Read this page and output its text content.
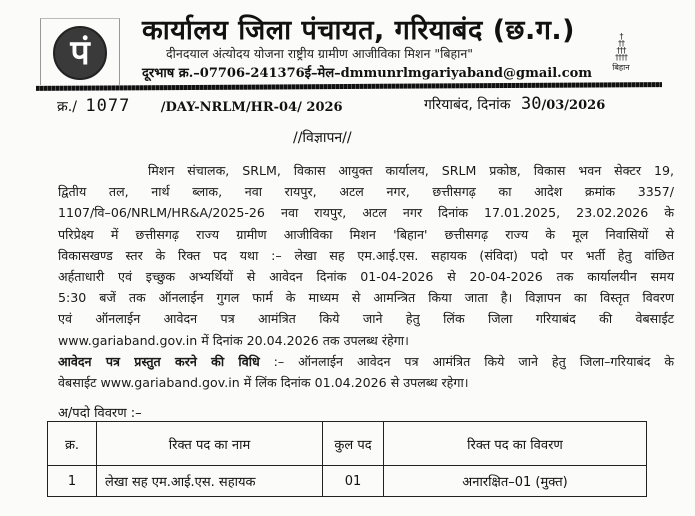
पं
कार्यालय जिला पंचायत, गरियाबंद (छ.ग.)
दीनदयाल अंत्योदय योजना राष्ट्रीय ग्रामीण आजीविका मिशन "बिहान"
दूरभाष क्र.–07706-241376ई–मेल–dmmunrlmgariyaband@gmail.com
†
††
†††
††††
बिहान
क्र./ 1077 /DAY-NRLM/HR-04/ 2026	गरियाबंद, दिनांक 30/03/2026
//विज्ञापन//
मिशन संचालक, SRLM, विकास आयुक्त कार्यालय, SRLM प्रकोष्ठ, विकास भवन सेक्टर 19,
द्वितीय तल, नार्थ ब्लाक, नवा रायपुर, अटल नगर, छत्तीसगढ़ का आदेश क्रमांक 3357/
1107/वि–06/NRLM/HR&A/2025-26 नवा रायपुर, अटल नगर दिनांक 17.01.2025, 23.02.2026 के
परिप्रेक्ष्य में छत्तीसगढ़ राज्य ग्रामीण आजीविका मिशन 'बिहान' छत्तीसगढ़ राज्य के मूल निवासियों से
विकासखण्ड स्तर के रिक्त पद यथा :– लेखा सह एम.आई.एस. सहायक (संविदा) पदो पर भर्ती हेतु वांछित
अर्हताधारी एवं इच्छुक अभ्यर्थियों से आवेदन दिनांक 01-04-2026 से 20-04-2026 तक कार्यालयीन समय
5:30 बजें तक ऑनलाईन गुगल फार्म के माध्यम से आमन्त्रित किया जाता है। विज्ञापन का विस्तृत विवरण
एवं ऑनलाईन आवेदन पत्र आमंत्रित किये जाने हेतु लिंक जिला गरियाबंद की वेबसाईट
www.gariaband.gov.in में दिनांक 20.04.2026 तक उपलब्ध रंहेगा।
आवेदन पत्र प्रस्तुत करने की विधि :– ऑनलाईन आवेदन पत्र आमंत्रित किये जाने हेतु जिला–गरियाबंद के
वेबसाईट www.gariaband.gov.in में लिंक दिनांक 01.04.2026 से उपलब्ध रहेगा।
अ/पदो विवरण :–
क्र.	रिक्त पद का नाम	कुल पद	रिक्त पद का विवरण
1	लेखा सह एम.आई.एस. सहायक	01	अनारक्षित–01 (मुक्त)
